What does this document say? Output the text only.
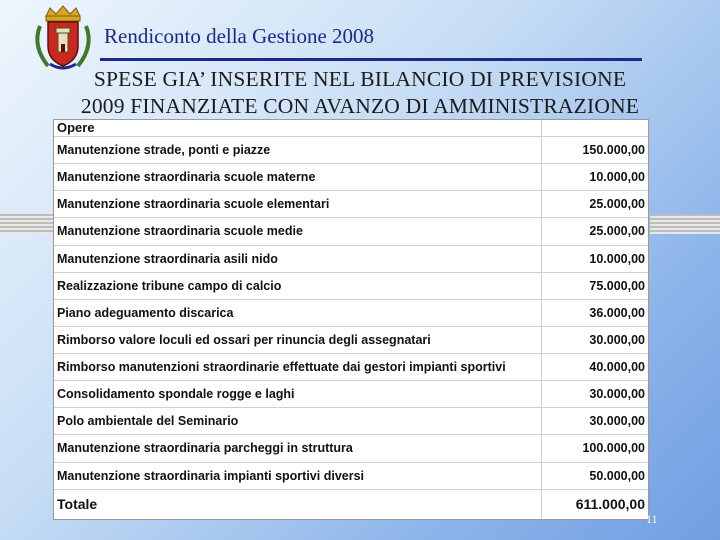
Rendiconto della Gestione 2008
SPESE GIA’ INSERITE NEL BILANCIO DI PREVISIONE
2009 FINANZIATE CON AVANZO DI AMMINISTRAZIONE
Opere	
Manutenzione strade, ponti e piazze	150.000,00
Manutenzione straordinaria scuole materne	10.000,00
Manutenzione straordinaria scuole elementari	25.000,00
Manutenzione straordinaria scuole medie	25.000,00
Manutenzione straordinaria asili nido	10.000,00
Realizzazione tribune campo di calcio	75.000,00
Piano adeguamento discarica	36.000,00
Rimborso valore loculi ed ossari per rinuncia degli assegnatari	30.000,00
Rimborso manutenzioni straordinarie effettuate dai gestori impianti sportivi	40.000,00
Consolidamento spondale rogge e laghi	30.000,00
Polo ambientale del Seminario	30.000,00
Manutenzione straordinaria parcheggi in struttura	100.000,00
Manutenzione straordinaria impianti sportivi diversi	50.000,00
Totale	611.000,00
11
